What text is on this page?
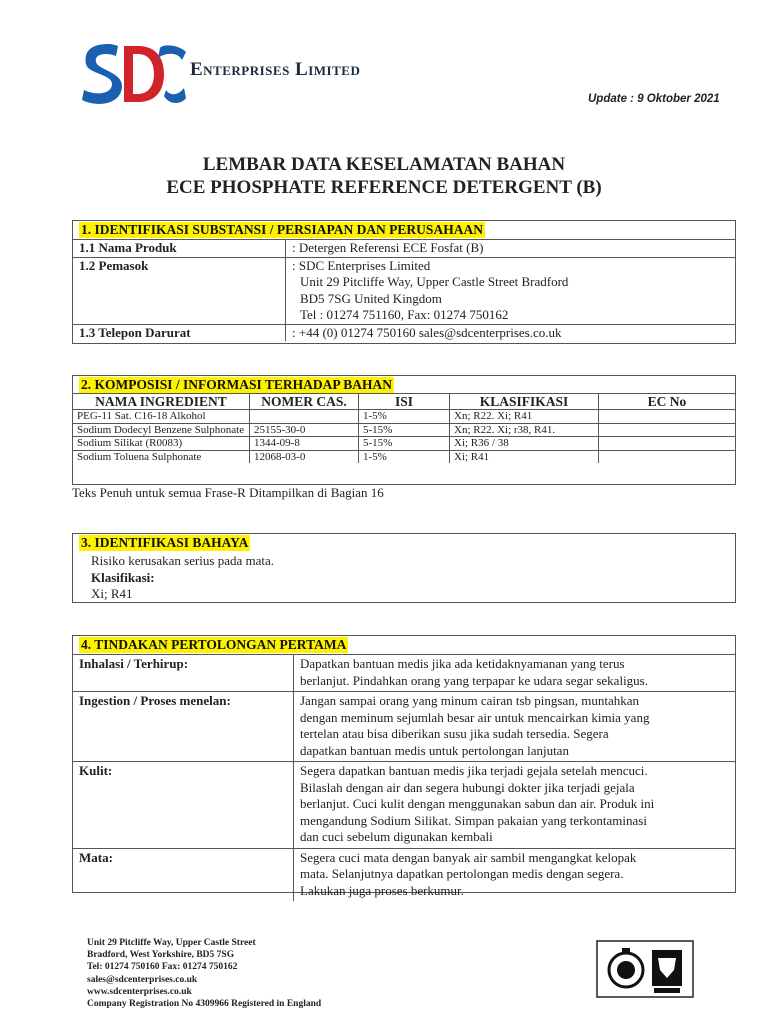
Enterprises Limited
Update : 9 Oktober 2021
LEMBAR DATA KESELAMATAN BAHAN
ECE PHOSPHATE REFERENCE DETERGENT (B)
1. IDENTIFIKASI SUBSTANSI / PERSIAPAN DAN PERUSAHAAN
1.1 Nama Produk	: Detergen Referensi ECE Fosfat (B)

1.2 Pemasok	: SDC Enterprises Limited
Unit 29 Pitcliffe Way, Upper Castle Street Bradford
BD5 7SG United Kingdom
Tel : 01274 751160, Fax: 01274 750162

1.3 Telepon Darurat	: +44 (0) 01274 750160 sales@sdcenterprises.co.uk
2. KOMPOSISI / INFORMASI TERHADAP BAHAN
NAMA INGREDIENT	NOMER CAS.	ISI	KLASIFIKASI	EC No
PEG-11 Sat. C16-18 Alkohol		1-5%	Xn; R22. Xi; R41	
Sodium Dodecyl Benzene Sulphonate	25155-30-0	5-15%	Xn; R22. Xi; r38, R41.	
Sodium Silikat (R0083)	1344-09-8	5-15%	Xi; R36 / 38	
Sodium Toluena Sulphonate	12068-03-0	1-5%	Xi; R41	
Teks Penuh untuk semua Frase-R Ditampilkan di Bagian 16
3. IDENTIFIKASI BAHAYA
Risiko kerusakan serius pada mata.
Klasifikasi:
Xi; R41
4. TINDAKAN PERTOLONGAN PERTAMA
Inhalasi / Terhirup:	Dapatkan bantuan medis jika ada ketidaknyamanan yang terus
berlanjut. Pindahkan orang yang terpapar ke udara segar sekaligus.

Ingestion / Proses menelan:	Jangan sampai orang yang minum cairan tsb pingsan, muntahkan
dengan meminum sejumlah besar air untuk mencairkan kimia yang
tertelan atau bisa diberikan susu jika sudah tersedia. Segera
dapatkan bantuan medis untuk pertolongan lanjutan

Kulit:	Segera dapatkan bantuan medis jika terjadi gejala setelah mencuci.
Bilaslah dengan air dan segera hubungi dokter jika terjadi gejala
berlanjut. Cuci kulit dengan menggunakan sabun dan air. Produk ini
mengandung Sodium Silikat. Simpan pakaian yang terkontaminasi
dan cuci sebelum digunakan kembali

Mata:	Segera cuci mata dengan banyak air sambil mengangkat kelopak
mata. Selanjutnya dapatkan pertolongan medis dengan segera.
Lakukan juga proses berkumur.
Unit 29 Pitcliffe Way, Upper Castle Street
Bradford, West Yorkshire, BD5 7SG
Tel: 01274 750160 Fax: 01274 750162
sales@sdcenterprises.co.uk
www.sdcenterprises.co.uk
Company Registration No 4309966 Registered in England
